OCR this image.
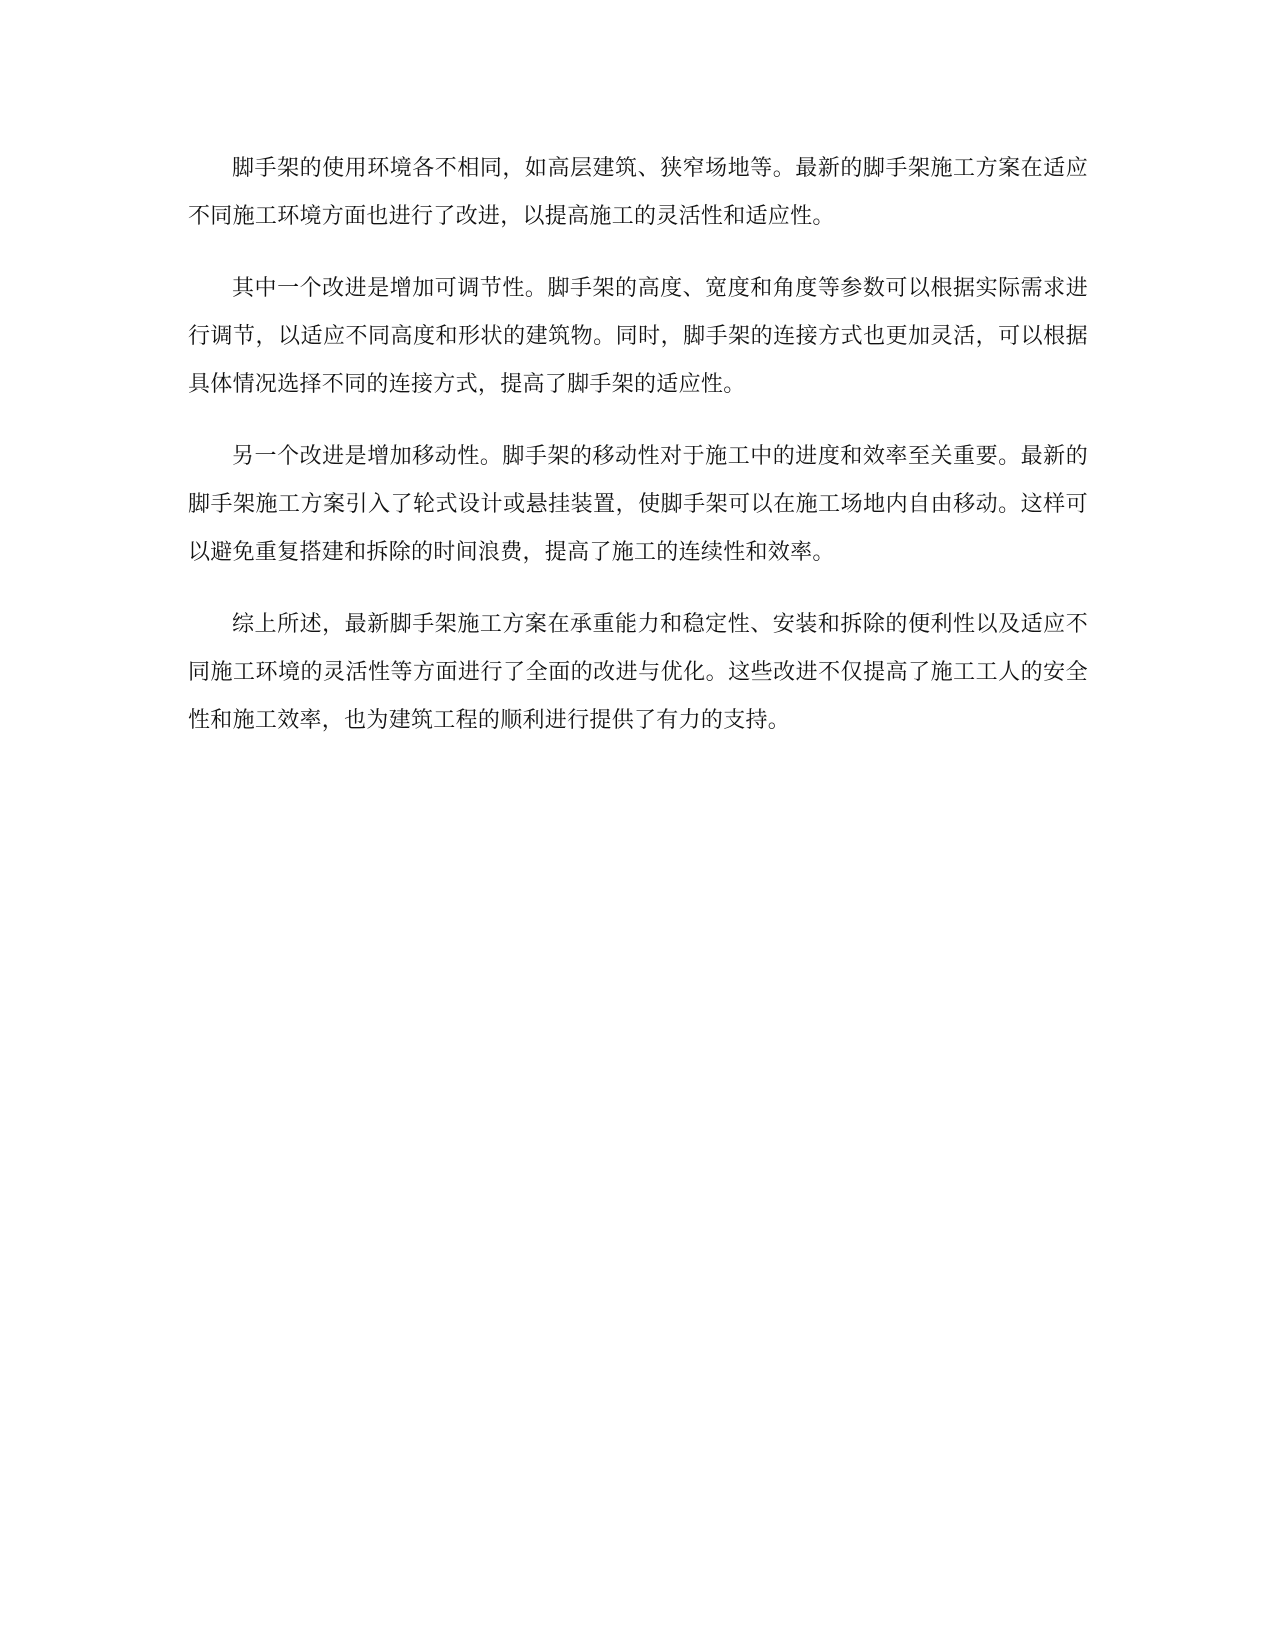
脚手架的使用环境各不相同，如高层建筑、狭窄场地等。最新的脚手架施工方案在适应不同施工环境方面也进行了改进，以提高施工的灵活性和适应性。

其中一个改进是增加可调节性。脚手架的高度、宽度和角度等参数可以根据实际需求进行调节，以适应不同高度和形状的建筑物。同时，脚手架的连接方式也更加灵活，可以根据具体情况选择不同的连接方式，提高了脚手架的适应性。

另一个改进是增加移动性。脚手架的移动性对于施工中的进度和效率至关重要。最新的脚手架施工方案引入了轮式设计或悬挂装置，使脚手架可以在施工场地内自由移动。这样可以避免重复搭建和拆除的时间浪费，提高了施工的连续性和效率。

综上所述，最新脚手架施工方案在承重能力和稳定性、安装和拆除的便利性以及适应不同施工环境的灵活性等方面进行了全面的改进与优化。这些改进不仅提高了施工工人的安全性和施工效率，也为建筑工程的顺利进行提供了有力的支持。
